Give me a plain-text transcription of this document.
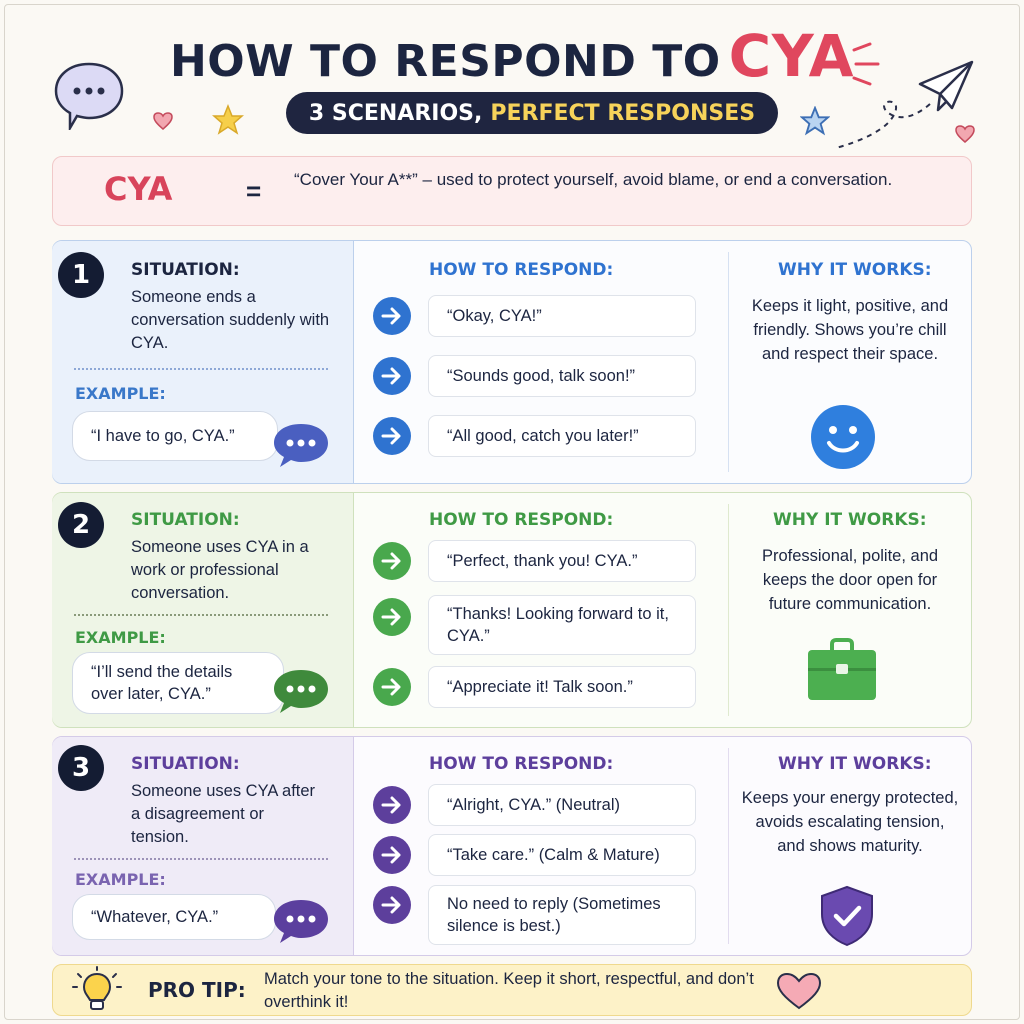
HOW TO RESPOND TO CYA
3 SCENARIOS, PERFECT RESPONSES
CYA	= “Cover Your A**” – used to protect yourself, avoid blame, or end a conversation.
1	SITUATION:
Someone ends a conversation suddenly with CYA.
EXAMPLE:
“I have to go, CYA.”
HOW TO RESPOND:
“Okay, CYA!”
“Sounds good, talk soon!”
“All good, catch you later!”
WHY IT WORKS:
Keeps it light, positive, and friendly. Shows you’re chill and respect their space.
2	SITUATION:
Someone uses CYA in a work or professional conversation.
EXAMPLE:
“I’ll send the details over later, CYA.”
HOW TO RESPOND:
“Perfect, thank you! CYA.”
“Thanks! Looking forward to it, CYA.”
“Appreciate it! Talk soon.”
WHY IT WORKS:
Professional, polite, and keeps the door open for future communication.
3	SITUATION:
Someone uses CYA after a disagreement or tension.
EXAMPLE:
“Whatever, CYA.”
HOW TO RESPOND:
“Alright, CYA.” (Neutral)
“Take care.” (Calm & Mature)
No need to reply (Sometimes silence is best.)
WHY IT WORKS:
Keeps your energy protected, avoids escalating tension, and shows maturity.
PRO TIP: Match your tone to the situation. Keep it short, respectful, and don’t overthink it!
